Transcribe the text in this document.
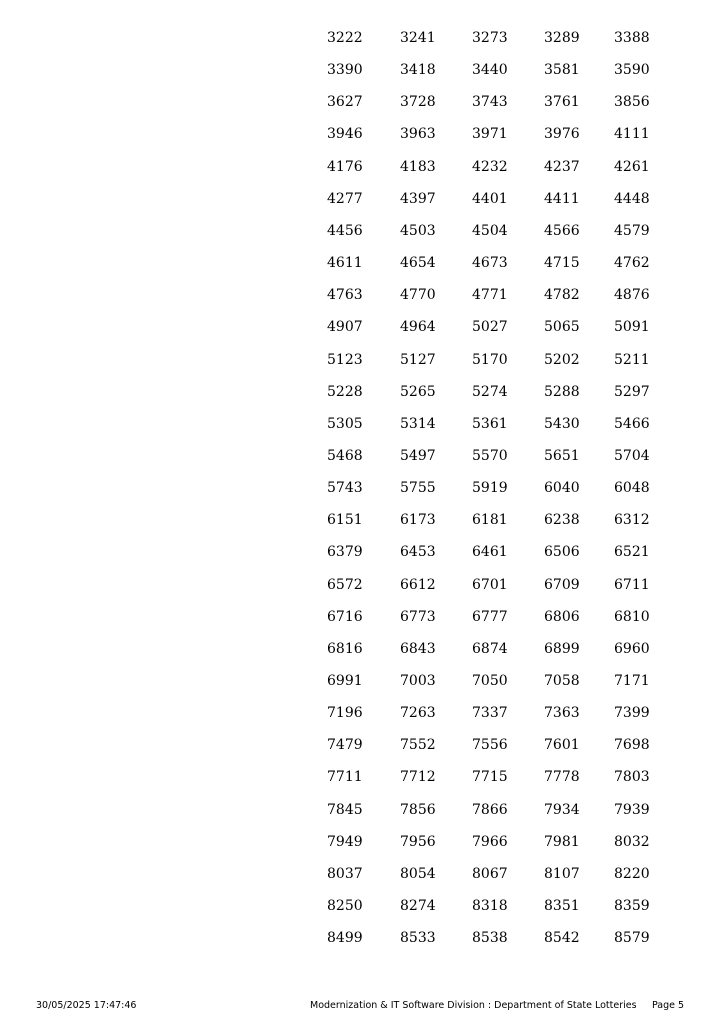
3222	3241	3273	3289 3388
3390	3418	3440	3581 3590
3627	3728	3743	3761 3856
3946	3963	3971	3976 4111
4176	4183	4232	4237 4261
4277	4397	4401	4411 4448
4456	4503	4504	4566 4579
4611	4654	4673	4715 4762
4763	4770	4771	4782 4876
4907	4964	5027	5065 5091
5123	5127	5170	5202 5211
5228	5265	5274	5288 5297
5305	5314	5361	5430 5466
5468	5497	5570	5651 5704
5743	5755	5919	6040 6048
6151	6173	6181	6238 6312
6379	6453	6461	6506 6521
6572	6612	6701	6709 6711
6716	6773	6777	6806 6810
6816	6843	6874	6899 6960
6991	7003	7050	7058 7171
7196	7263	7337	7363 7399
7479	7552	7556	7601 7698
7711	7712	7715	7778 7803
7845	7856	7866	7934 7939
7949	7956	7966	7981 8032
8037	8054	8067	8107 8220
8250	8274	8318	8351 8359
8499	8533	8538	8542 8579
30/05/2025 17:47:46	Modernization & IT Software Division : Department of State Lotteries Page 5
